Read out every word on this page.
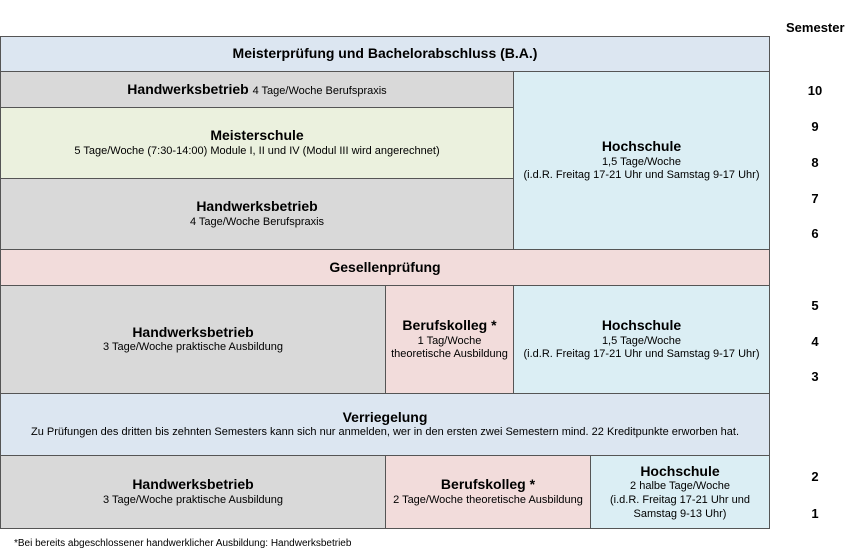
Semester
Meisterprüfung und Bachelorabschluss (B.A.)
Handwerksbetrieb 4 Tage/Woche Berufspraxis
Meisterschule
5 Tage/Woche (7:30-14:00) Module I, II und IV (Modul III wird angerechnet)
Handwerksbetrieb
4 Tage/Woche Berufspraxis
Hochschule
1,5 Tage/Woche
(i.d.R. Freitag 17-21 Uhr und Samstag 9-17 Uhr)
Gesellenprüfung
Handwerksbetrieb
3 Tage/Woche praktische Ausbildung
Berufskolleg *
1 Tag/Woche
theoretische Ausbildung
Hochschule
1,5 Tage/Woche
(i.d.R. Freitag 17-21 Uhr und Samstag 9-17 Uhr)
Verriegelung
Zu Prüfungen des dritten bis zehnten Semesters kann sich nur anmelden, wer in den ersten zwei Semestern mind. 22 Kreditpunkte erworben hat.
Handwerksbetrieb
3 Tage/Woche praktische Ausbildung
Berufskolleg *
2 Tage/Woche theoretische Ausbildung
Hochschule
2 halbe Tage/Woche
(i.d.R. Freitag 17-21 Uhr und
Samstag 9-13 Uhr)
10
9
8
7
6
5
4
3
2
1
*Bei bereits abgeschlossener handwerklicher Ausbildung: Handwerksbetrieb
